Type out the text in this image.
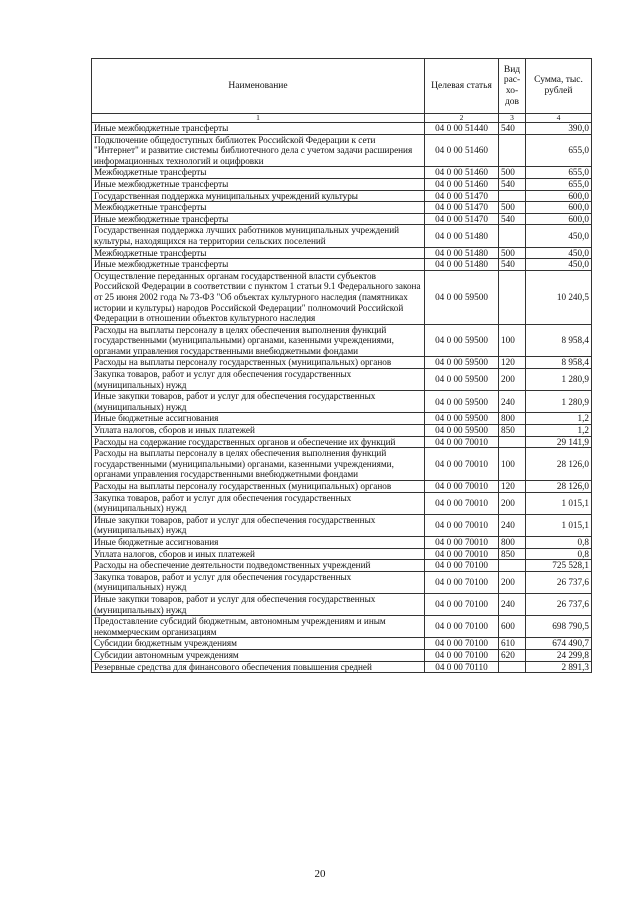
Наименование	Целевая статья	Вид рас- хо- дов	Сумма, тыс. рублей
1	2	3	4
Иные межбюджетные трансферты	04 0 00 51440	540	390,0
Подключение общедоступных библиотек Российской Федерации к сети "Интернет" и развитие системы библиотечного дела с учетом задачи расширения информационных технологий и оцифровки	04 0 00 51460		655,0
Межбюджетные трансферты	04 0 00 51460	500	655,0
Иные межбюджетные трансферты	04 0 00 51460	540	655,0
Государственная поддержка муниципальных учреждений культуры	04 0 00 51470		600,0
Межбюджетные трансферты	04 0 00 51470	500	600,0
Иные межбюджетные трансферты	04 0 00 51470	540	600,0
Государственная поддержка лучших работников муниципальных учреждений культуры, находящихся на территории сельских поселений	04 0 00 51480		450,0
Межбюджетные трансферты	04 0 00 51480	500	450,0
Иные межбюджетные трансферты	04 0 00 51480	540	450,0
Осуществление переданных органам государственной власти субъектов Российской Федерации в соответствии с пунктом 1 статьи 9.1 Федерального закона от 25 июня 2002 года № 73-ФЗ "Об объектах культурного наследия (памятниках истории и культуры) народов Российской Федерации" полномочий Российской Федерации в отношении объектов культурного наследия	04 0 00 59500		10 240,5
Расходы на выплаты персоналу в целях обеспечения выполнения функций государственными (муниципальными) органами, казенными учреждениями, органами управления государственными внебюджетными фондами	04 0 00 59500	100	8 958,4
Расходы на выплаты персоналу государственных (муниципальных) органов	04 0 00 59500	120	8 958,4
Закупка товаров, работ и услуг для обеспечения государственных (муниципальных) нужд	04 0 00 59500	200	1 280,9
Иные закупки товаров, работ и услуг для обеспечения государственных (муниципальных) нужд	04 0 00 59500	240	1 280,9
Иные бюджетные ассигнования	04 0 00 59500	800	1,2
Уплата налогов, сборов и иных платежей	04 0 00 59500	850	1,2
Расходы на содержание государственных органов и обеспечение их функций	04 0 00 70010		29 141,9
Расходы на выплаты персоналу в целях обеспечения выполнения функций государственными (муниципальными) органами, казенными учреждениями, органами управления государственными внебюджетными фондами	04 0 00 70010	100	28 126,0
Расходы на выплаты персоналу государственных (муниципальных) органов	04 0 00 70010	120	28 126,0
Закупка товаров, работ и услуг для обеспечения государственных (муниципальных) нужд	04 0 00 70010	200	1 015,1
Иные закупки товаров, работ и услуг для обеспечения государственных (муниципальных) нужд	04 0 00 70010	240	1 015,1
Иные бюджетные ассигнования	04 0 00 70010	800	0,8
Уплата налогов, сборов и иных платежей	04 0 00 70010	850	0,8
Расходы на обеспечение деятельности подведомственных учреждений	04 0 00 70100		725 528,1
Закупка товаров, работ и услуг для обеспечения государственных (муниципальных) нужд	04 0 00 70100	200	26 737,6
Иные закупки товаров, работ и услуг для обеспечения государственных (муниципальных) нужд	04 0 00 70100	240	26 737,6
Предоставление субсидий бюджетным, автономным учреждениям и иным некоммерческим организациям	04 0 00 70100	600	698 790,5
Субсидии бюджетным учреждениям	04 0 00 70100	610	674 490,7
Субсидии автономным учреждениям	04 0 00 70100	620	24 299,8
Резервные средства для финансового обеспечения повышения средней	04 0 00 70110		2 891,3
20
